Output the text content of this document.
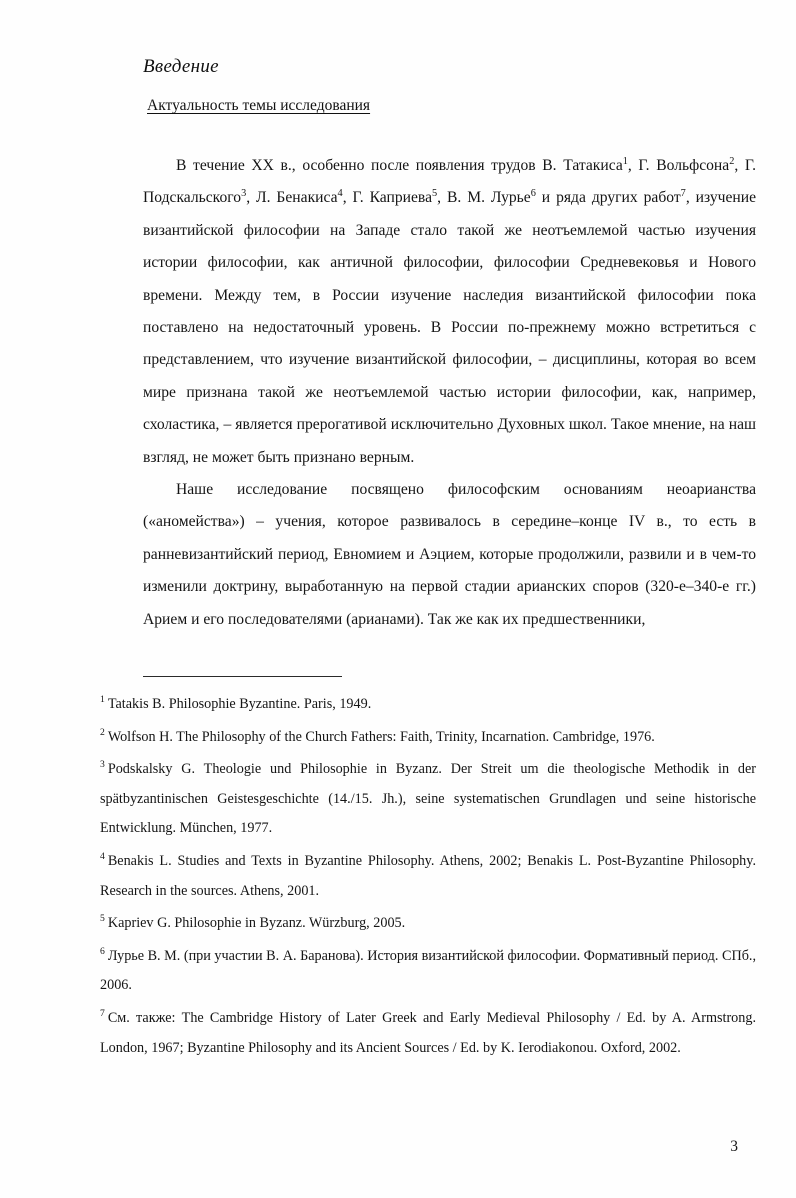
Введение
Актуальность темы исследования

В течение XX в., особенно после появления трудов В. Татакиса$^1$, Г. Вольфсона$^2$, Г. Подскальского$^3$, Л. Бенакиса$^4$, Г. Каприева$^5$, В. М. Лурье$^6$ и ряда других работ$^7$, изучение византийской философии на Западе стало такой же неотъемлемой частью изучения истории философии, как античной философии, философии Средневековья и Нового времени. Между тем, в России изучение наследия византийской философии пока поставлено на недостаточный уровень. В России по-прежнему можно встретиться с представлением, что изучение византийской философии, – дисциплины, которая во всем мире признана такой же неотъемлемой частью истории философии, как, например, схоластика, – является прерогативой исключительно Духовных школ. Такое мнение, на наш взгляд, не может быть признано верным.

Наше исследование посвящено философским основаниям неоарианства («аномейства») – учения, которое развивалось в середине–конце IV в., то есть в ранневизантийский период, Евномием и Аэцием, которые продолжили, развили и в чем-то изменили доктрину, выработанную на первой стадии арианских споров (320-е–340-е гг.) Арием и его последователями (арианами). Так же как их предшественники,

$^1$ Tatakis B. Philosophie Byzantine. Paris, 1949.
$^2$ Wolfson H. The Philosophy of the Church Fathers: Faith, Trinity, Incarnation. Cambridge, 1976.
$^3$ Podskalsky G. Theologie und Philosophie in Byzanz. Der Streit um die theologische Methodik in der spätbyzantinischen Geistesgeschichte (14./15. Jh.), seine systematischen Grundlagen und seine historische Entwicklung. München, 1977.
$^4$ Benakis L. Studies and Texts in Byzantine Philosophy. Athens, 2002; Benakis L. Post-Byzantine Philosophy. Research in the sources. Athens, 2001.
$^5$ Kapriev G. Philosophie in Byzanz. Würzburg, 2005.
$^6$ Лурье В. М. (при участии В. А. Баранова). История византийской философии. Формативный период. СПб., 2006.
$^7$ См. также: The Cambridge History of Later Greek and Early Medieval Philosophy / Ed. by A. Armstrong. London, 1967; Byzantine Philosophy and its Ancient Sources / Ed. by K. Ierodiakonou. Oxford, 2002.
3
